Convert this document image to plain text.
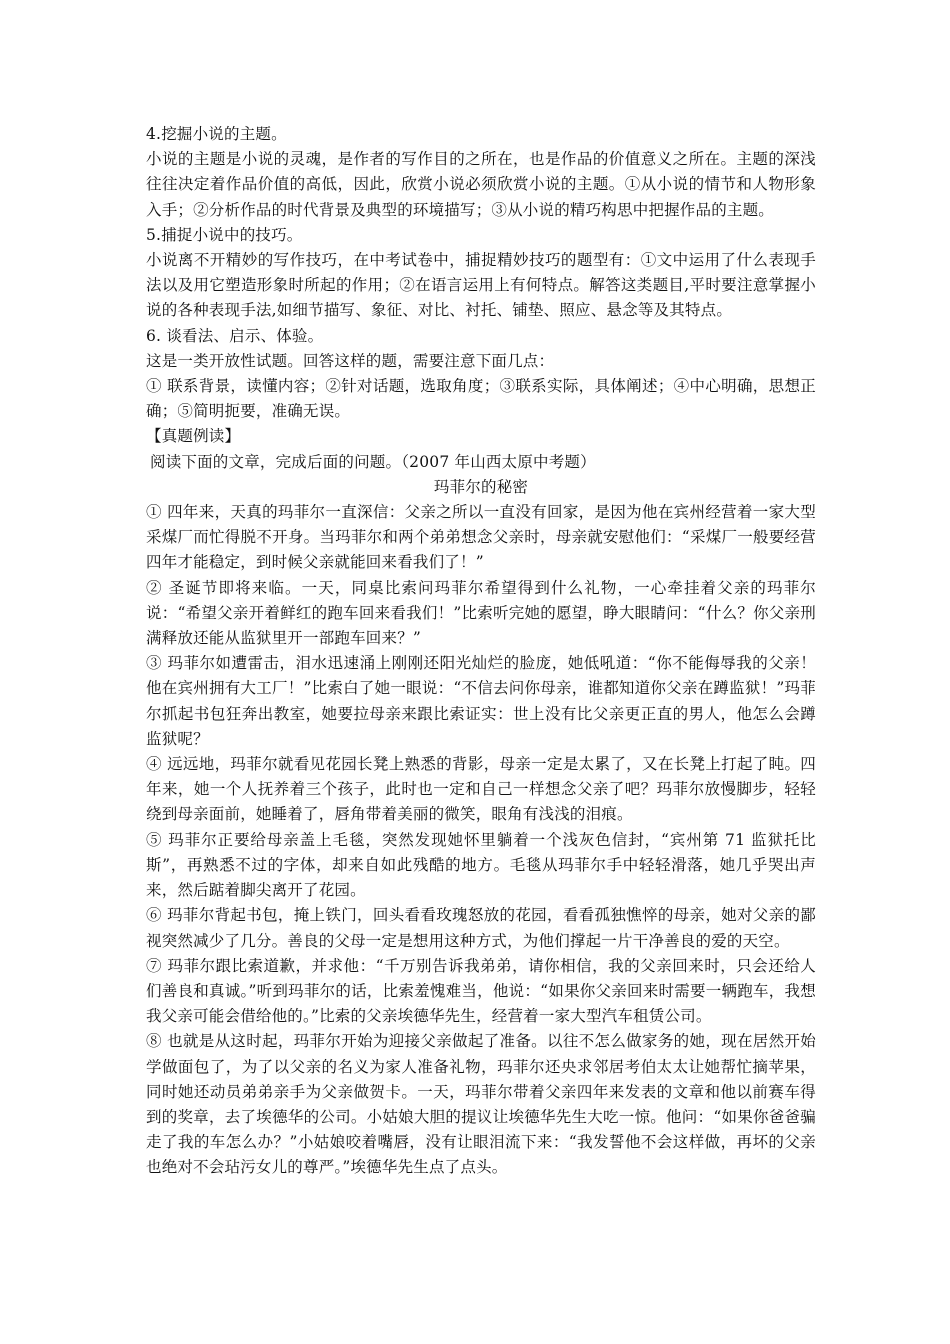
4.挖掘小说的主题。

小说的主题是小说的灵魂，是作者的写作目的之所在，也是作品的价值意义之所在。主题的深浅往往决定着作品价值的高低，因此，欣赏小说必须欣赏小说的主题。①从小说的情节和人物形象入手；②分析作品的时代背景及典型的环境描写；③从小说的精巧构思中把握作品的主题。

5.捕捉小说中的技巧。

小说离不开精妙的写作技巧，在中考试卷中，捕捉精妙技巧的题型有：①文中运用了什么表现手法以及用它塑造形象时所起的作用；②在语言运用上有何特点。解答这类题目,平时要注意掌握小说的各种表现手法,如细节描写、象征、对比、衬托、铺垫、照应、悬念等及其特点。

6. 谈看法、启示、体验。

这是一类开放性试题。回答这样的题，需要注意下面几点：

① 联系背景，读懂内容；②针对话题，选取角度；③联系实际，具体阐述；④中心明确，思想正确；⑤简明扼要，准确无误。

【真题例读】

阅读下面的文章，完成后面的问题。（2007 年山西太原中考题）

玛菲尔的秘密

① 四年来，天真的玛菲尔一直深信：父亲之所以一直没有回家，是因为他在宾州经营着一家大型采煤厂而忙得脱不开身。当玛菲尔和两个弟弟想念父亲时，母亲就安慰他们：“采煤厂一般要经营四年才能稳定，到时候父亲就能回来看我们了！”

② 圣诞节即将来临。一天，同桌比索问玛菲尔希望得到什么礼物，一心牵挂着父亲的玛菲尔说：“希望父亲开着鲜红的跑车回来看我们！”比索听完她的愿望，睁大眼睛问：“什么？你父亲刑满释放还能从监狱里开一部跑车回来？”

③ 玛菲尔如遭雷击，泪水迅速涌上刚刚还阳光灿烂的脸庞，她低吼道：“你不能侮辱我的父亲！他在宾州拥有大工厂！”比索白了她一眼说：“不信去问你母亲，谁都知道你父亲在蹲监狱！”玛菲尔抓起书包狂奔出教室，她要拉母亲来跟比索证实：世上没有比父亲更正直的男人，他怎么会蹲监狱呢？

④ 远远地，玛菲尔就看见花园长凳上熟悉的背影，母亲一定是太累了，又在长凳上打起了盹。四年来，她一个人抚养着三个孩子，此时也一定和自己一样想念父亲了吧？玛菲尔放慢脚步，轻轻绕到母亲面前，她睡着了，唇角带着美丽的微笑，眼角有浅浅的泪痕。

⑤ 玛菲尔正要给母亲盖上毛毯，突然发现她怀里躺着一个浅灰色信封，“宾州第 71 监狱托比斯”，再熟悉不过的字体，却来自如此残酷的地方。毛毯从玛菲尔手中轻轻滑落，她几乎哭出声来，然后踮着脚尖离开了花园。

⑥ 玛菲尔背起书包，掩上铁门，回头看看玫瑰怒放的花园，看看孤独憔悴的母亲，她对父亲的鄙视突然减少了几分。善良的父母一定是想用这种方式，为他们撑起一片干净善良的爱的天空。

⑦ 玛菲尔跟比索道歉，并求他：“千万别告诉我弟弟，请你相信，我的父亲回来时，只会还给人们善良和真诚。”听到玛菲尔的话，比索羞愧难当，他说：“如果你父亲回来时需要一辆跑车，我想我父亲可能会借给他的。”比索的父亲埃德华先生，经营着一家大型汽车租赁公司。

⑧ 也就是从这时起，玛菲尔开始为迎接父亲做起了准备。以往不怎么做家务的她，现在居然开始学做面包了，为了以父亲的名义为家人准备礼物，玛菲尔还央求邻居考伯太太让她帮忙摘苹果，同时她还动员弟弟亲手为父亲做贺卡。一天，玛菲尔带着父亲四年来发表的文章和他以前赛车得到的奖章，去了埃德华的公司。小姑娘大胆的提议让埃德华先生大吃一惊。他问：“如果你爸爸骗走了我的车怎么办？”小姑娘咬着嘴唇，没有让眼泪流下来：“我发誓他不会这样做，再坏的父亲也绝对不会玷污女儿的尊严。”埃德华先生点了点头。
